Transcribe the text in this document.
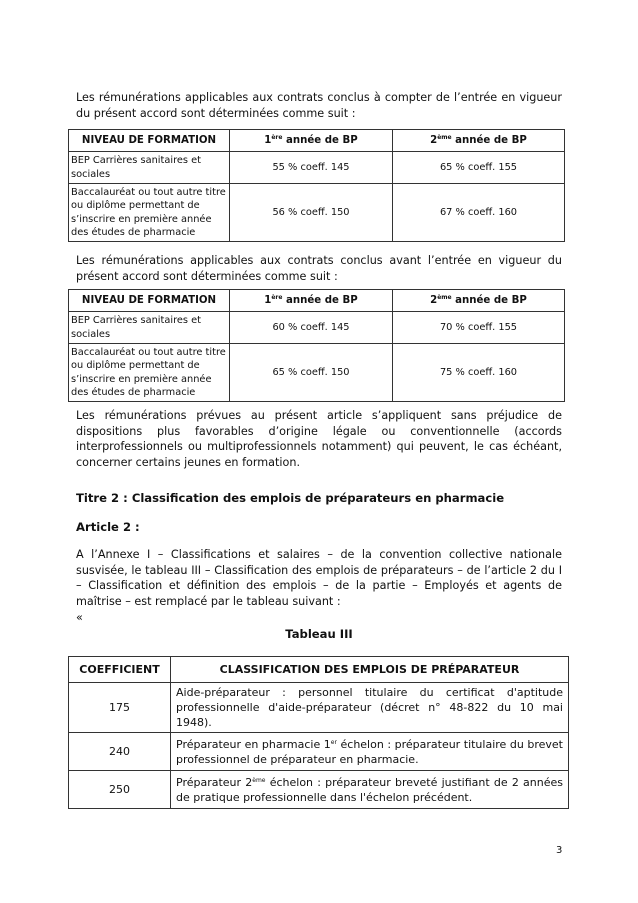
Les rémunérations applicables aux contrats conclus à compter de l’entrée en vigueur du présent accord sont déterminées comme suit :

NIVEAU DE FORMATION	1ère année de BP	2ème année de BP
BEP Carrières sanitaires et sociales	55 % coeff. 145	65 % coeff. 155
Baccalauréat ou tout autre titre ou diplôme permettant de s’inscrire en première année des études de pharmacie	56 % coeff. 150	67 % coeff. 160

Les rémunérations applicables aux contrats conclus avant l’entrée en vigueur du présent accord sont déterminées comme suit :

NIVEAU DE FORMATION	1ère année de BP	2ème année de BP
BEP Carrières sanitaires et sociales	60 % coeff. 145	70 % coeff. 155
Baccalauréat ou tout autre titre ou diplôme permettant de s’inscrire en première année des études de pharmacie	65 % coeff. 150	75 % coeff. 160

Les rémunérations prévues au présent article s’appliquent sans préjudice de dispositions plus favorables d’origine légale ou conventionnelle (accords interprofessionnels ou multiprofessionnels notamment) qui peuvent, le cas échéant, concerner certains jeunes en formation.

Titre 2 : Classification des emplois de préparateurs en pharmacie

Article 2 :

A l’Annexe I – Classifications et salaires – de la convention collective nationale susvisée, le tableau III – Classification des emplois de préparateurs – de l’article 2 du I – Classification et définition des emplois – de la partie – Employés et agents de maîtrise – est remplacé par le tableau suivant :

«

Tableau III

COEFFICIENT	CLASSIFICATION DES EMPLOIS DE PRÉPARATEUR
175	Aide-préparateur : personnel titulaire du certificat d'aptitude professionnelle d'aide-préparateur (décret n° 48-822 du 10 mai 1948).
240	Préparateur en pharmacie 1er échelon : préparateur titulaire du brevet professionnel de préparateur en pharmacie.
250	Préparateur 2ème échelon : préparateur breveté justifiant de 2 années de pratique professionnelle dans l'échelon précédent.

3
